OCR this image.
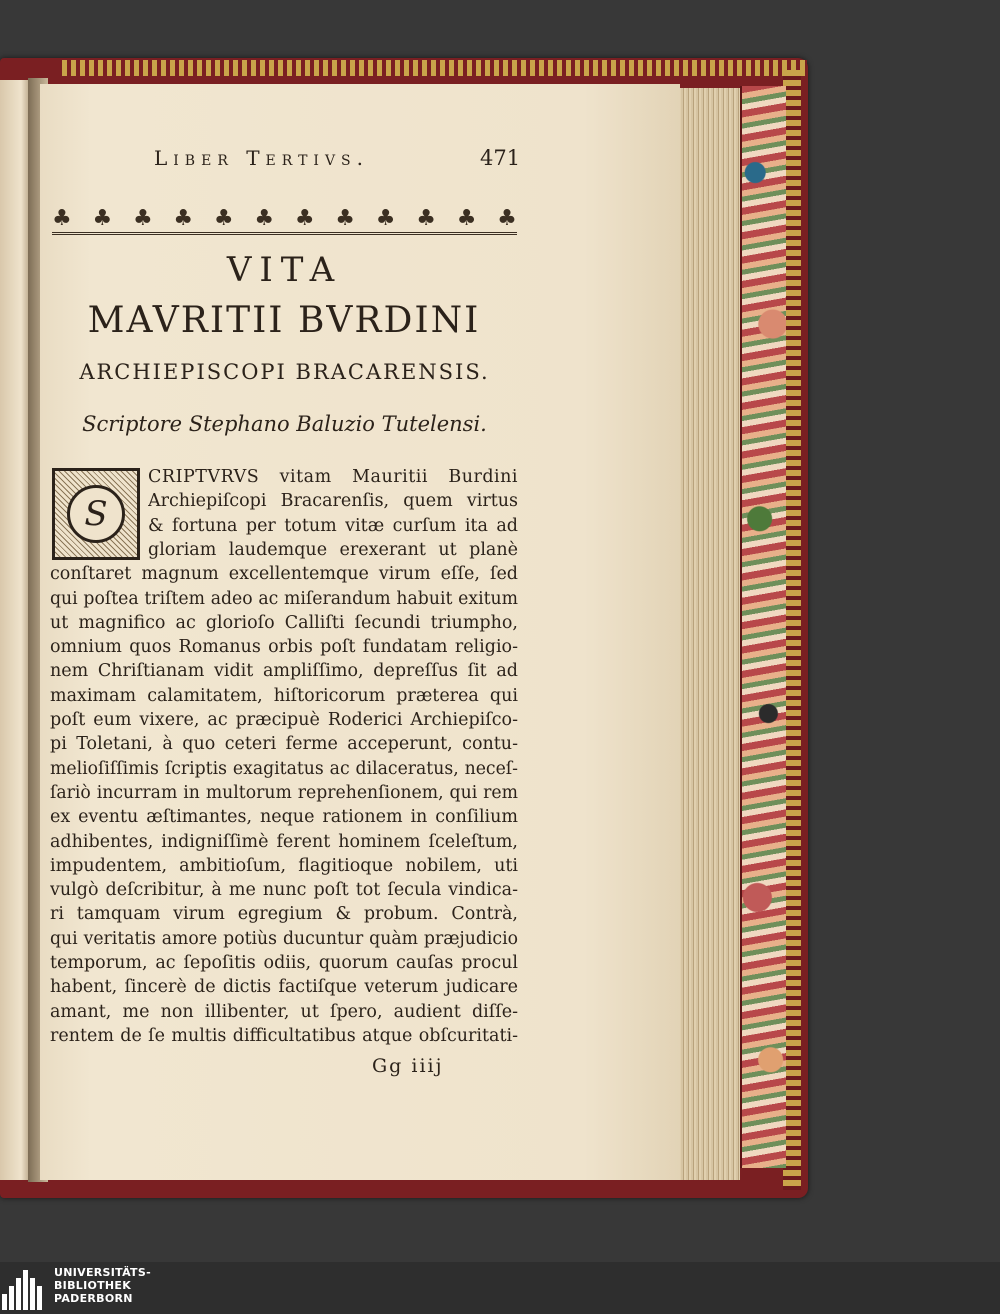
Liber Tertivs.	471
♣ ♣ ♣ ♣ ♣ ♣ ♣ ♣ ♣ ♣ ♣ ♣
VITA
MAVRITII BVRDINI
ARCHIEPISCOPI BRACARENSIS.
Scriptore Stephano Baluzio Tutelensi.
S
CRIPTVRVS vitam Mauritii Burdini
Archiepiſcopi Bracarenſis, quem virtus
& fortuna per totum vitæ curſum ita ad
gloriam laudemque erexerant ut planè
conſtaret magnum excellentemque virum eſſe, ſed
qui poſtea triſtem adeo ac miſerandum habuit exitum
ut magnifico ac glorioſo Calliſti ſecundi triumpho,
omnium quos Romanus orbis poſt fundatam religio-
nem Chriſtianam vidit ampliſſimo, depreſſus ſit ad
maximam calamitatem, hiſtoricorum præterea qui
poſt eum vixere, ac præcipuè Roderici Archiepiſco-
pi Toletani, à quo ceteri ferme acceperunt, contu-
melioſiſſimis ſcriptis exagitatus ac dilaceratus, neceſ-
ſariò incurram in multorum reprehenſionem, qui rem
ex eventu æſtimantes, neque rationem in conſilium
adhibentes, indigniſſimè ferent hominem ſceleſtum,
impudentem, ambitioſum, flagitioque nobilem, uti
vulgò deſcribitur, à me nunc poſt tot ſecula vindica-
ri tamquam virum egregium & probum. Contrà,
qui veritatis amore potiùs ducuntur quàm præjudicio
temporum, ac ſepoſitis odiis, quorum cauſas procul
habent, ſincerè de dictis factiſque veterum judicare
amant, me non illibenter, ut ſpero, audient diſſe-
rentem de ſe multis difficultatibus atque obſcuritati-
Gg iiij
UNIVERSITÄTS-
BIBLIOTHEK
PADERBORN
